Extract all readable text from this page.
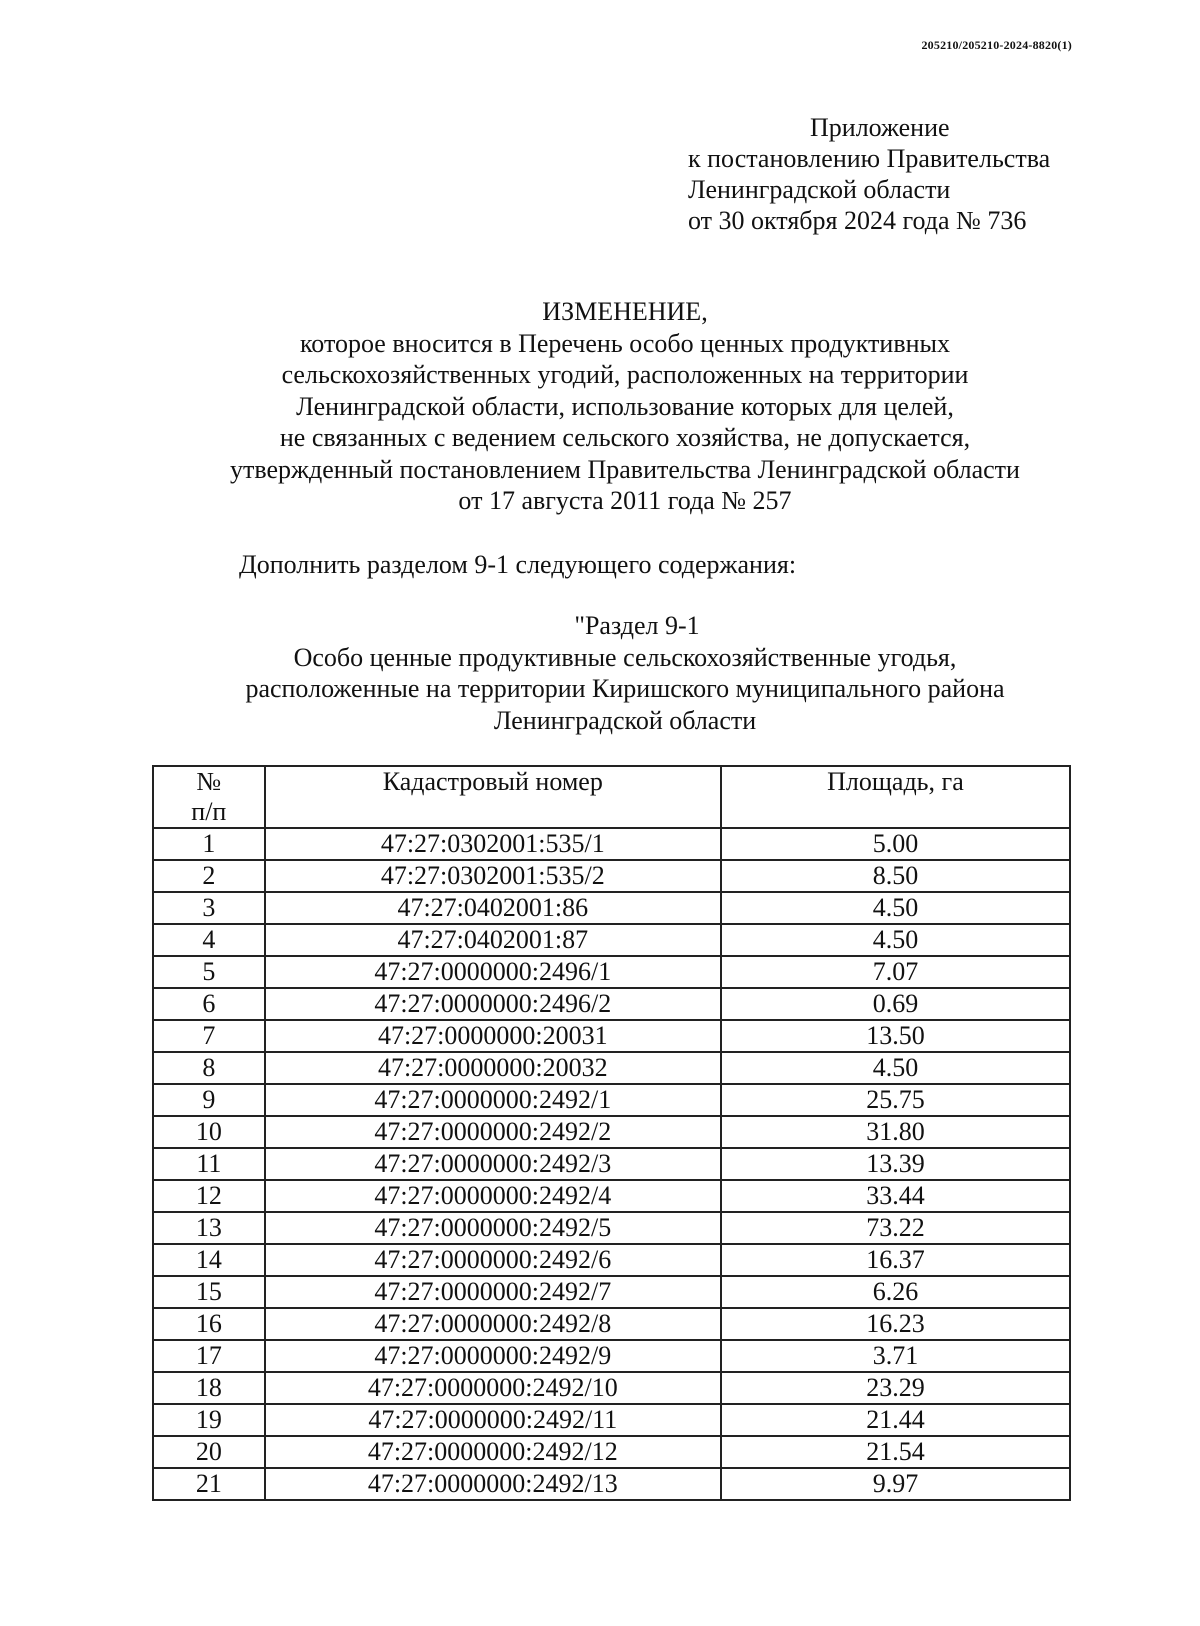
205210/205210-2024-8820(1)
Приложение
к постановлению Правительства
Ленинградской области
от 30 октября 2024 года № 736
ИЗМЕНЕНИЕ,
которое вносится в Перечень особо ценных продуктивных
сельскохозяйственных угодий, расположенных на территории
Ленинградской области, использование которых для целей,
не связанных с ведением сельского хозяйства, не допускается,
утвержденный постановлением Правительства Ленинградской области
от 17 августа 2011 года № 257
Дополнить разделом 9-1 следующего содержания:
"Раздел 9-1
Особо ценные продуктивные сельскохозяйственные угодья,
расположенные на территории Киришского муниципального района
Ленинградской области
№
п/п	Кадастровый номер	Площадь, га
1	47:27:0302001:535/1	5.00
2	47:27:0302001:535/2	8.50
3	47:27:0402001:86	4.50
4	47:27:0402001:87	4.50
5	47:27:0000000:2496/1	7.07
6	47:27:0000000:2496/2	0.69
7	47:27:0000000:20031	13.50
8	47:27:0000000:20032	4.50
9	47:27:0000000:2492/1	25.75
10	47:27:0000000:2492/2	31.80
11	47:27:0000000:2492/3	13.39
12	47:27:0000000:2492/4	33.44
13	47:27:0000000:2492/5	73.22
14	47:27:0000000:2492/6	16.37
15	47:27:0000000:2492/7	6.26
16	47:27:0000000:2492/8	16.23
17	47:27:0000000:2492/9	3.71
18	47:27:0000000:2492/10	23.29
19	47:27:0000000:2492/11	21.44
20	47:27:0000000:2492/12	21.54
21	47:27:0000000:2492/13	9.97
